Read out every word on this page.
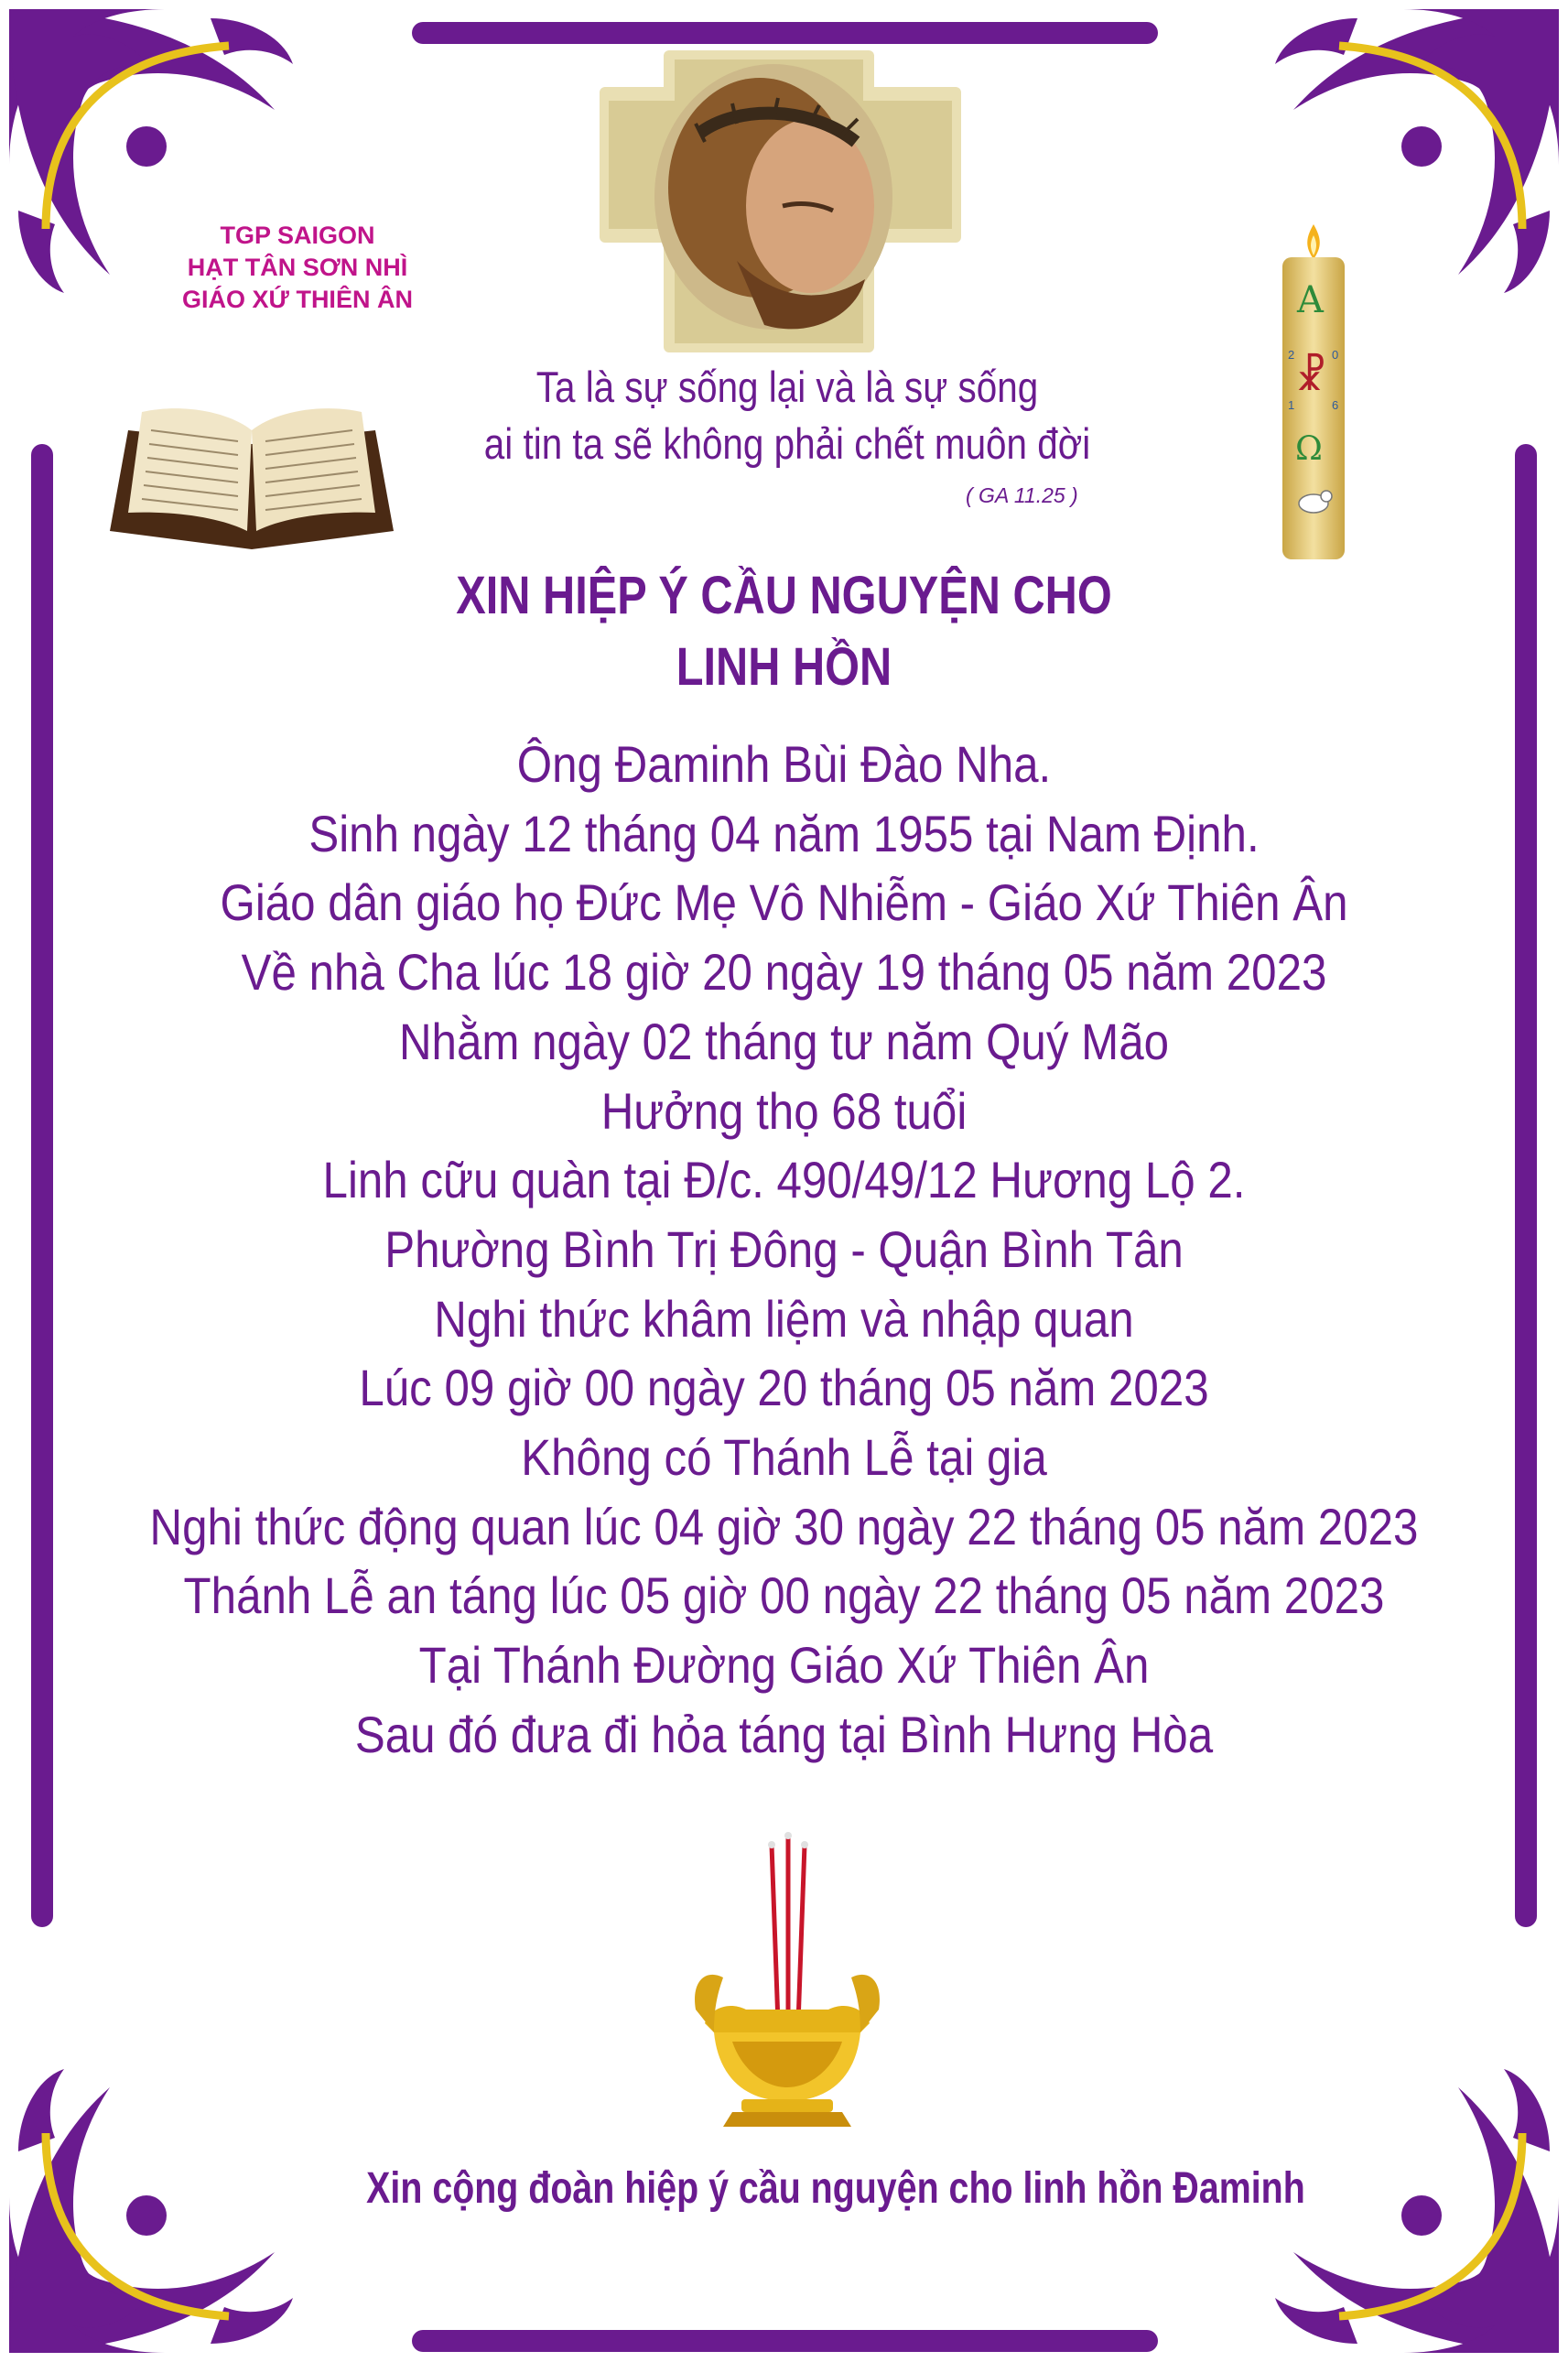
TGP SAIGON
HẠT TÂN SƠN NHÌ
GIÁO XỨ THIÊN ÂN
Ta là sự sống lại và là sự sống
ai tin ta sẽ không phải chết muôn đời
( GA 11.25 )
A
2	0
☧
1	6
Ω
XIN HIỆP Ý CẦU NGUYỆN CHO
LINH HỒN
Ông Đaminh Bùi Đào Nha.
Sinh ngày 12 tháng 04 năm 1955 tại Nam Định.
Giáo dân giáo họ Đức Mẹ Vô Nhiễm - Giáo Xứ Thiên Ân
Về nhà Cha lúc 18 giờ 20 ngày 19 tháng 05 năm 2023
Nhằm ngày 02 tháng tư năm Quý Mão
Hưởng thọ 68 tuổi
Linh cữu quàn tại Đ/c. 490/49/12 Hương Lộ 2.
Phường Bình Trị Đông - Quận Bình Tân
Nghi thức khâm liệm và nhập quan
Lúc 09 giờ 00 ngày 20 tháng 05 năm 2023
Không có Thánh Lễ tại gia
Nghi thức động quan lúc 04 giờ 30 ngày 22 tháng 05 năm 2023
Thánh Lễ an táng lúc 05 giờ 00 ngày 22 tháng 05 năm 2023
Tại Thánh Đường Giáo Xứ Thiên Ân
Sau đó đưa đi hỏa táng tại Bình Hưng Hòa
Xin cộng đoàn hiệp ý cầu nguyện cho linh hồn Đaminh
